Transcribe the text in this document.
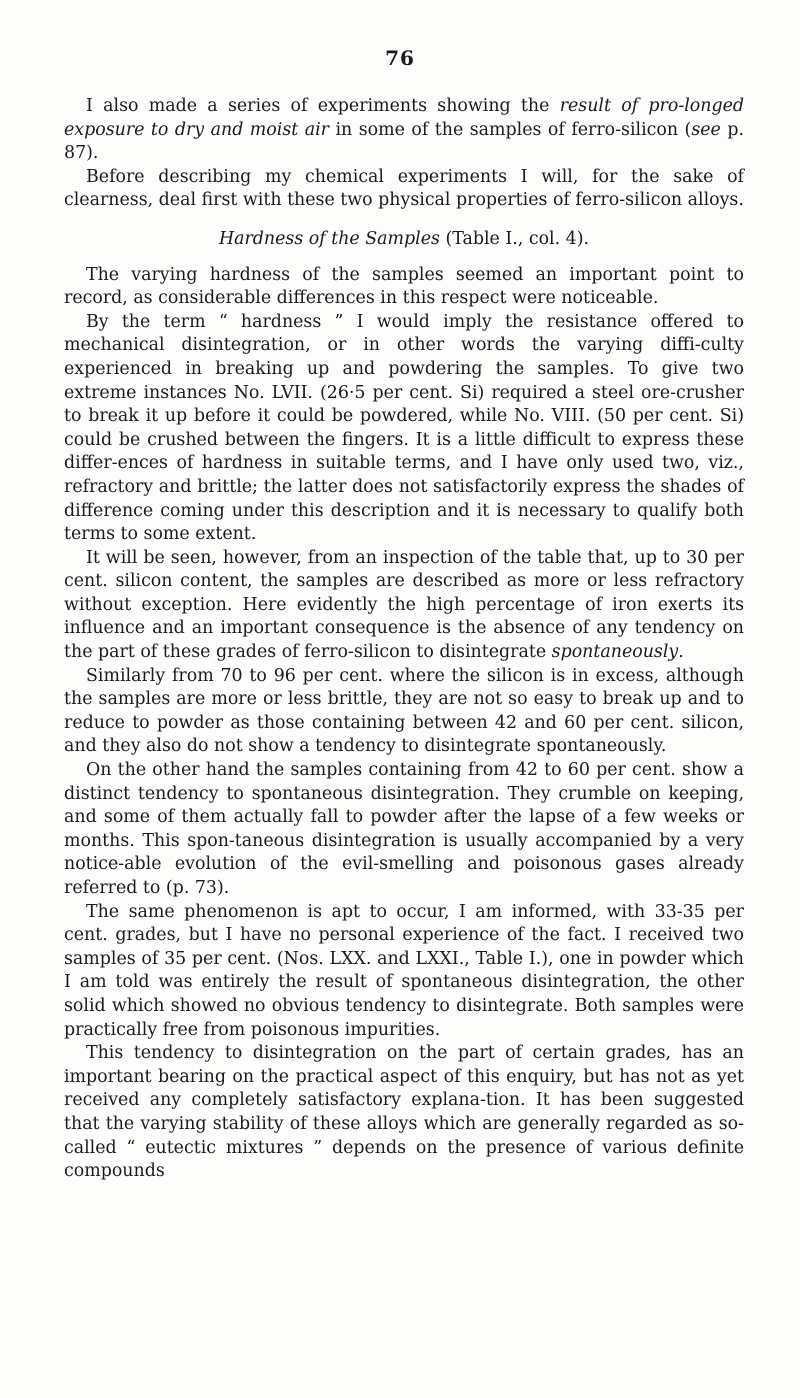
76

I also made a series of experiments showing the result of pro-longed exposure to dry and moist air in some of the samples of ferro-silicon (see p. 87).

Before describing my chemical experiments I will, for the sake of clearness, deal first with these two physical properties of ferro-silicon alloys.

Hardness of the Samples (Table I., col. 4).

The varying hardness of the samples seemed an important point to record, as considerable differences in this respect were noticeable.

By the term “ hardness ” I would imply the resistance offered to mechanical disintegration, or in other words the varying diffi-culty experienced in breaking up and powdering the samples. To give two extreme instances No. LVII. (26·5 per cent. Si) required a steel ore-crusher to break it up before it could be powdered, while No. VIII. (50 per cent. Si) could be crushed between the fingers. It is a little difficult to express these differ-ences of hardness in suitable terms, and I have only used two, viz., refractory and brittle; the latter does not satisfactorily express the shades of difference coming under this description and it is necessary to qualify both terms to some extent.

It will be seen, however, from an inspection of the table that, up to 30 per cent. silicon content, the samples are described as more or less refractory without exception. Here evidently the high percentage of iron exerts its influence and an important consequence is the absence of any tendency on the part of these grades of ferro-silicon to disintegrate spontaneously.

Similarly from 70 to 96 per cent. where the silicon is in excess, although the samples are more or less brittle, they are not so easy to break up and to reduce to powder as those containing between 42 and 60 per cent. silicon, and they also do not show a tendency to disintegrate spontaneously.

On the other hand the samples containing from 42 to 60 per cent. show a distinct tendency to spontaneous disintegration. They crumble on keeping, and some of them actually fall to powder after the lapse of a few weeks or months. This spon-taneous disintegration is usually accompanied by a very notice-able evolution of the evil-smelling and poisonous gases already referred to (p. 73).

The same phenomenon is apt to occur, I am informed, with 33-35 per cent. grades, but I have no personal experience of the fact. I received two samples of 35 per cent. (Nos. LXX. and LXXI., Table I.), one in powder which I am told was entirely the result of spontaneous disintegration, the other solid which showed no obvious tendency to disintegrate. Both samples were practically free from poisonous impurities.

This tendency to disintegration on the part of certain grades, has an important bearing on the practical aspect of this enquiry, but has not as yet received any completely satisfactory explana-tion. It has been suggested that the varying stability of these alloys which are generally regarded as so-called “ eutectic mixtures ” depends on the presence of various definite compounds
